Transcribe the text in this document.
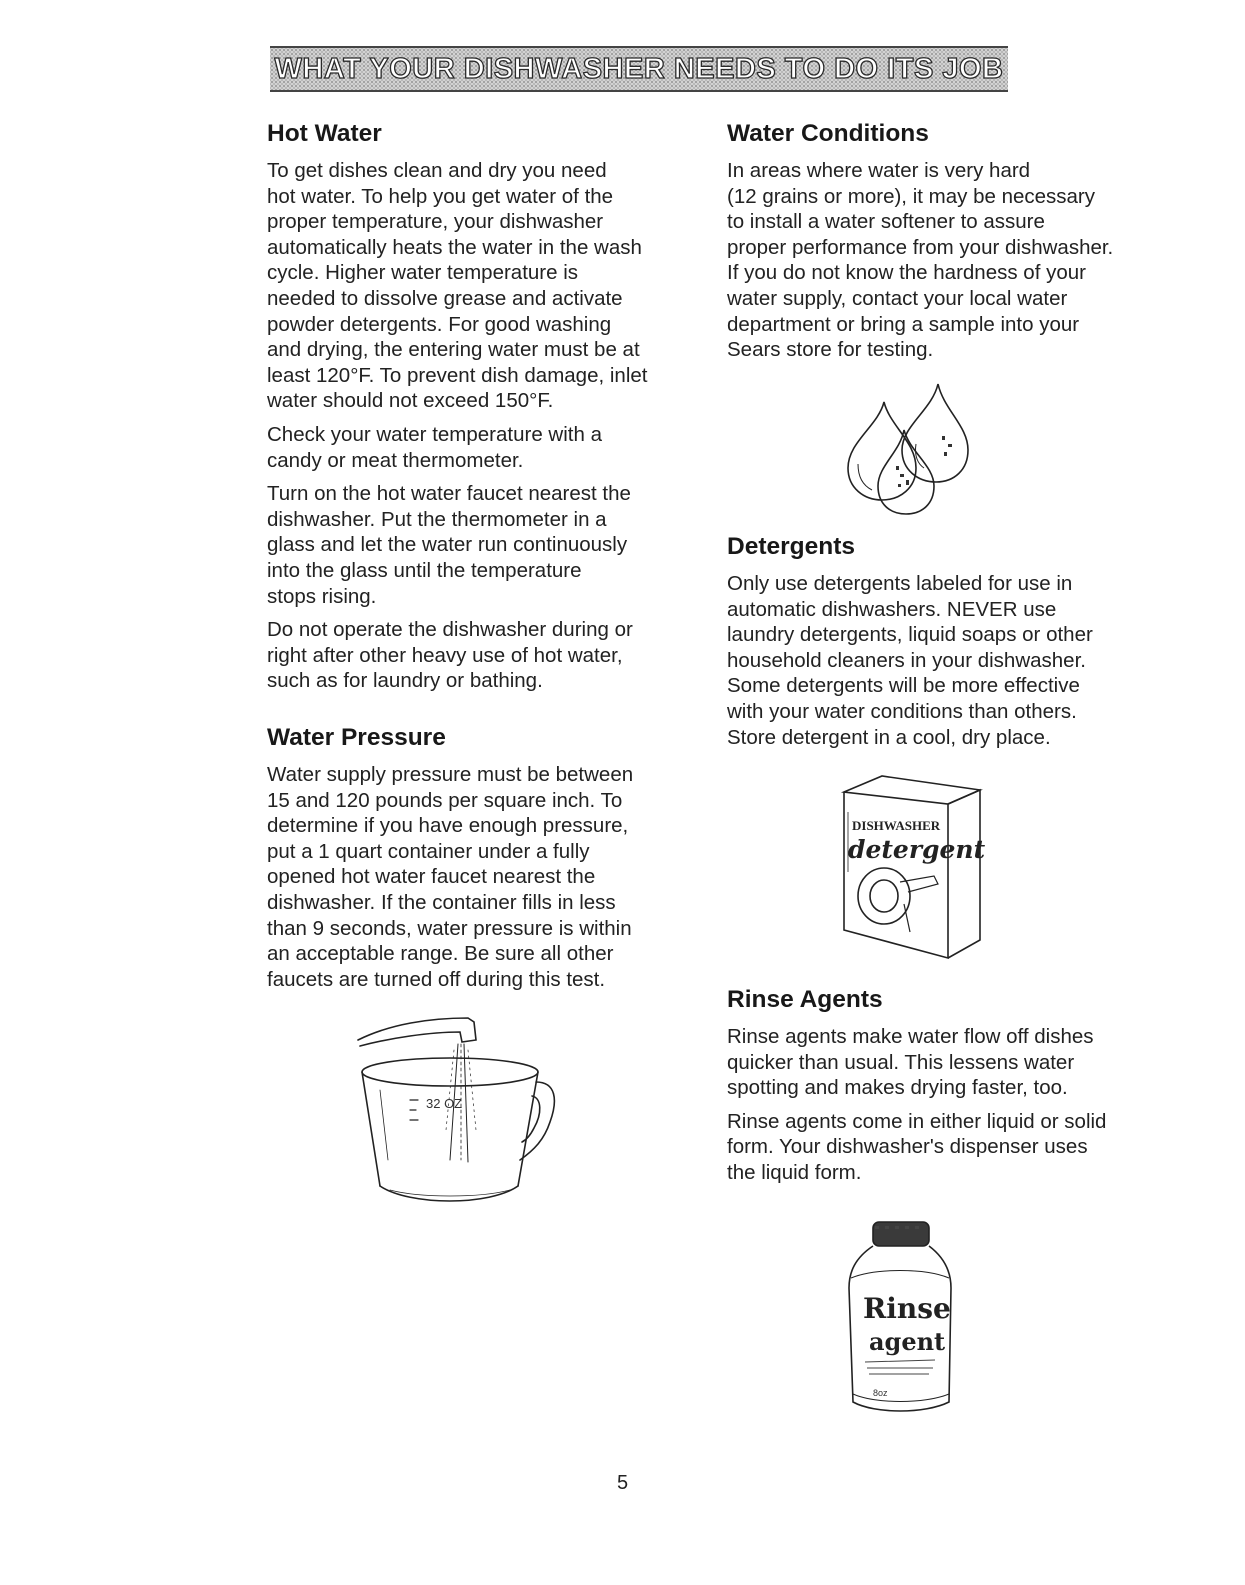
WHAT YOUR DISHWASHER NEEDS TO DO ITS JOB
Hot Water

To get dishes clean and dry you need

hot water. To help you get water of the

proper temperature, your dishwasher

automatically heats the water in the wash

cycle. Higher water temperature is

needed to dissolve grease and activate

powder detergents. For good washing

and drying, the entering water must be at

least 120°F. To prevent dish damage, inlet

water should not exceed 150°F.

Check your water temperature with a

candy or meat thermometer.

Turn on the hot water faucet nearest the

dishwasher. Put the thermometer in a

glass and let the water run continuously

into the glass until the temperature

stops rising.

Do not operate the dishwasher during or

right after other heavy use of hot water,

such as for laundry or bathing.

Water Pressure

Water supply pressure must be between

15 and 120 pounds per square inch. To

determine if you have enough pressure,

put a 1 quart container under a fully

opened hot water faucet nearest the

dishwasher. If the container fills in less

than 9 seconds, water pressure is within

an acceptable range. Be sure all other

faucets are turned off during this test.

32 OZ
Water Conditions

In areas where water is very hard

(12 grains or more), it may be necessary

to install a water softener to assure

proper performance from your dishwasher.

If you do not know the hardness of your

water supply, contact your local water

department or bring a sample into your

Sears store for testing.

Detergents

Only use detergents labeled for use in

automatic dishwashers. NEVER use

laundry detergents, liquid soaps or other

household cleaners in your dishwasher.

Some detergents will be more effective

with your water conditions than others.

Store detergent in a cool, dry place.

Rinse Agents

Rinse agents make water flow off dishes

quicker than usual. This lessens water

spotting and makes drying faster, too.

Rinse agents come in either liquid or solid

form. Your dishwasher's dispenser uses

the liquid form.

DISHWASHER
detergent
Rinse
agent
8oz
5
